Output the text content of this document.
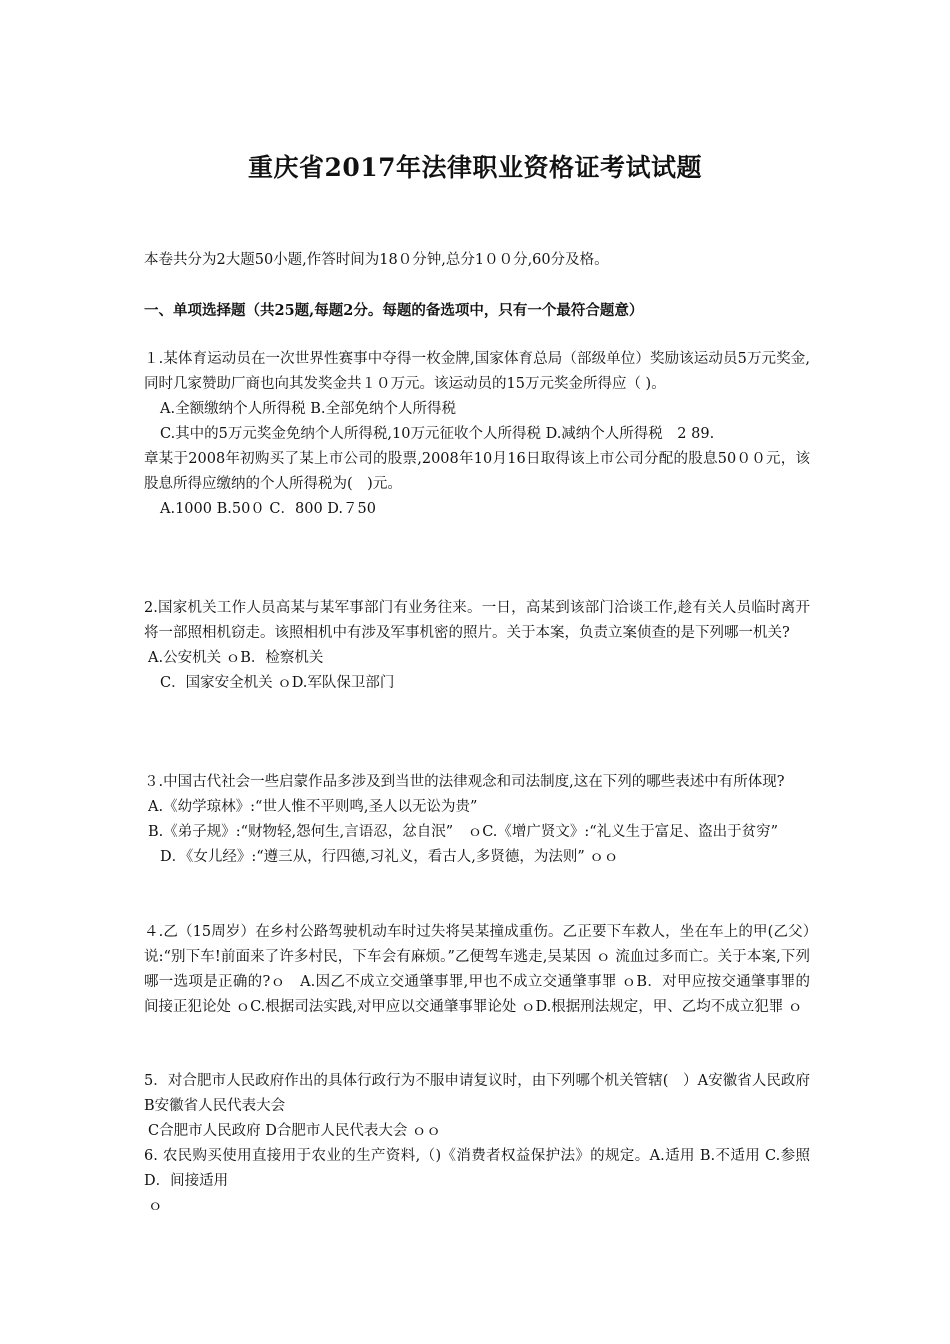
重庆省2017年法律职业资格证考试试题
本卷共分为2大题50小题,作答时间为18０分钟,总分1００分,60分及格。
一、单项选择题（共25题,每题2分。每题的备选项中，只有一个最符合题意）
１.某体育运动员在一次世界性赛事中夺得一枚金牌,国家体育总局（部级单位）奖励该运动员5万元奖金,同时几家赞助厂商也向其发奖金共１０万元。该运动员的15万元奖金所得应（ )。
A.全额缴纳个人所得税 B.全部免纳个人所得税
C.其中的5万元奖金免纳个人所得税,10万元征收个人所得税 D.减纳个人所得税　2 89.
章某于2008年初购买了某上市公司的股票,2008年10月16日取得该上市公司分配的股息50００元，该股息所得应缴纳的个人所得税为(　)元。
A.1000 B.50０ C．800 D.７50
2.国家机关工作人员高某与某军事部门有业务往来。一日，高某到该部门洽谈工作,趁有关人员临时离开将一部照相机窃走。该照相机中有涉及军事机密的照片。关于本案，负责立案侦查的是下列哪一机关?
A.公安机关 ｏB．检察机关
C．国家安全机关 ｏD.军队保卫部门
３.中国古代社会一些启蒙作品多涉及到当世的法律观念和司法制度,这在下列的哪些表述中有所体现?
A.《幼学琼林》:“世人惟不平则鸣,圣人以无讼为贵”
B.《弟子规》:“财物轻,怨何生,言语忍，忿自泯”　ｏC.《增广贤文》:“礼义生于富足、盗出于贫穷”
D．《女儿经》:“遵三从，行四德,习礼义，看古人,多贤德，为法则” ｏｏ
４.乙（15周岁）在乡村公路驾驶机动车时过失将吴某撞成重伤。乙正要下车救人，坐在车上的甲(乙父）说:“别下车!前面来了许多村民，下车会有麻烦。”乙便驾车逃走,吴某因 ｏ 流血过多而亡。关于本案,下列哪一选项是正确的?ｏ　A.因乙不成立交通肇事罪,甲也不成立交通肇事罪 ｏB．对甲应按交通肇事罪的间接正犯论处 ｏC.根据司法实践,对甲应以交通肇事罪论处 ｏD.根据刑法规定，甲、乙均不成立犯罪 ｏ
5．对合肥市人民政府作出的具体行政行为不服申请复议时，由下列哪个机关管辖(　）A安徽省人民政府 B安徽省人民代表大会
C合肥市人民政府 D合肥市人民代表大会 ｏｏ
6. 农民购买使用直接用于农业的生产资料,（)《消费者权益保护法》的规定。A.适用 B.不适用 C.参照　D．间接适用
ｏ
